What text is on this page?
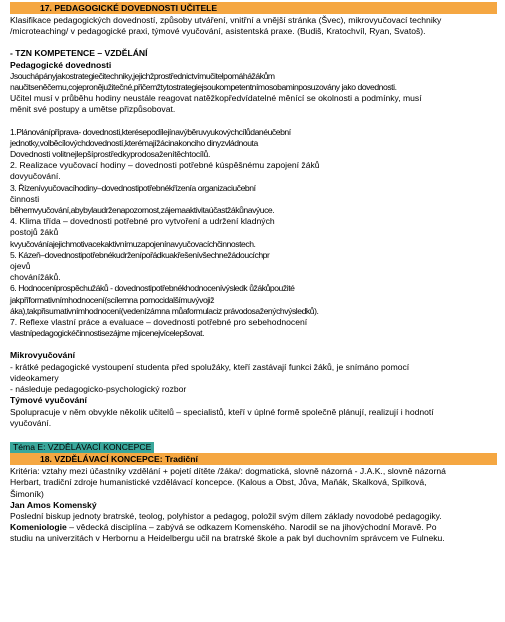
17. PEDAGOGICKÉ DOVEDNOSTI UČITELE

Klasifikace pedagogických dovedností, způsoby utváření, vnitřní a vnější stránka (Švec), mikrovyučovací techniky

/microteaching/ v pedagogické praxi, týmové vyučování, asistentská praxe. (Budiš, Kratochvíl, Ryan, Svatoš).

- TZN KOMPETENCE – VZDĚLÁNÍ

Pedagogické dovednosti

Jsouchápányjakostrategiečitechniky,jejichžprostřednictvímučitelpomáhážákům

naučitseněčemu,cojepronějužitečné,přičemžtytostrategiejsoukompetentnímosobaminposuzovány jako dovednosti.

Učitel musí v průběhu hodiny neustále reagovat natěžkopředvídatelné měnící se okolnosti a podmínky, musí

měnit své postupy a umětse přizpůsobovat.

1.Plánovánípříprava- dovednosti,kterésepodílejínavýběruvyukovýchcílůdanéučební

jednotky,volběcílovýchdovedností,kterémajížácinakonciho dinyzvládnouta

Dovednosti volitnejlepšíprostředkyprodosaženítěchtocílů.

2. Realizace vyučovací hodiny – dovednosti potřebné kúspěšnému zapojení žáků

dovyučování.

3. Řízenívyučovacíhodiny–dovednostipotřebnékřízenía organizaciučební

činnosti

běhemvyučování,abybylaudrženapozornost,zájemaaktivitaúčastžákůnavýuce.

4. Klima třída – dovednosti potřebné pro vytvoření a udržení kladných

postojů žáků

kvyučováníajejichmotivacekaktivnímuzapojenínavyučovacíchčinnostech.

5. Kázeň–dovednostipotřebnékudrženípořádkuakřešenívšechnežádoucíchpr

ojevů

chovánížáků.

6. Hodnoceníprospěchužáků - dovednostipotřebnékhodnocenívýsledk ůžákůpoužité

jakpříformativnímhodnocení(scílemna pomocidalšímuvývojiž

áka),takpřisumativnímhodnocení(vedenízámna můaformulaciz právodosaženýchvýsledků).

7. Reflexe vlastní práce a evaluace – dovednosti potřebné pro sebehodnocení

vlastnípedagogickéčinnostisezájme mjicenejvícelepšovat.

Mikrovyučování

- krátké pedagogické vystoupení studenta před spolužáky, kteří zastávají funkci žáků, je snímáno pomocí

videokamery

- následuje pedagogicko-psychologický rozbor

Týmové vyučování

Spolupracuje v něm obvykle několik učitelů – specialistů, kteří v úplné formě společně plánují, realizují i hodnotí

vyučování.

Téma E: VZDĚLÁVACÍ KONCEPCE
18. VZDĚLÁVACÍ KONCEPCE: Tradiční

Kritéria: vztahy mezi účastníky vzdělání + pojetí dítěte /žáka/: dogmatická, slovně názorná - J.A.K., slovně názorná

Herbart, tradiční zdroje humanistické vzdělávací koncepce. (Kalous a Obst, Jůva, Maňák, Skalková, Spilková,

Šimoník)

Jan Amos Komenský

Poslední biskup jednoty bratrské, teolog, polyhistor a pedagog, položil svým dílem základy novodobé pedagogiky.

Komeniologie – vědecká disciplína – zabývá se odkazem Komenského. Narodil se na jihovýchodní Moravě. Po

studiu na univerzitách v Herbornu a Heidelbergu učil na bratrské škole a pak byl duchovním správcem ve Fulneku.
